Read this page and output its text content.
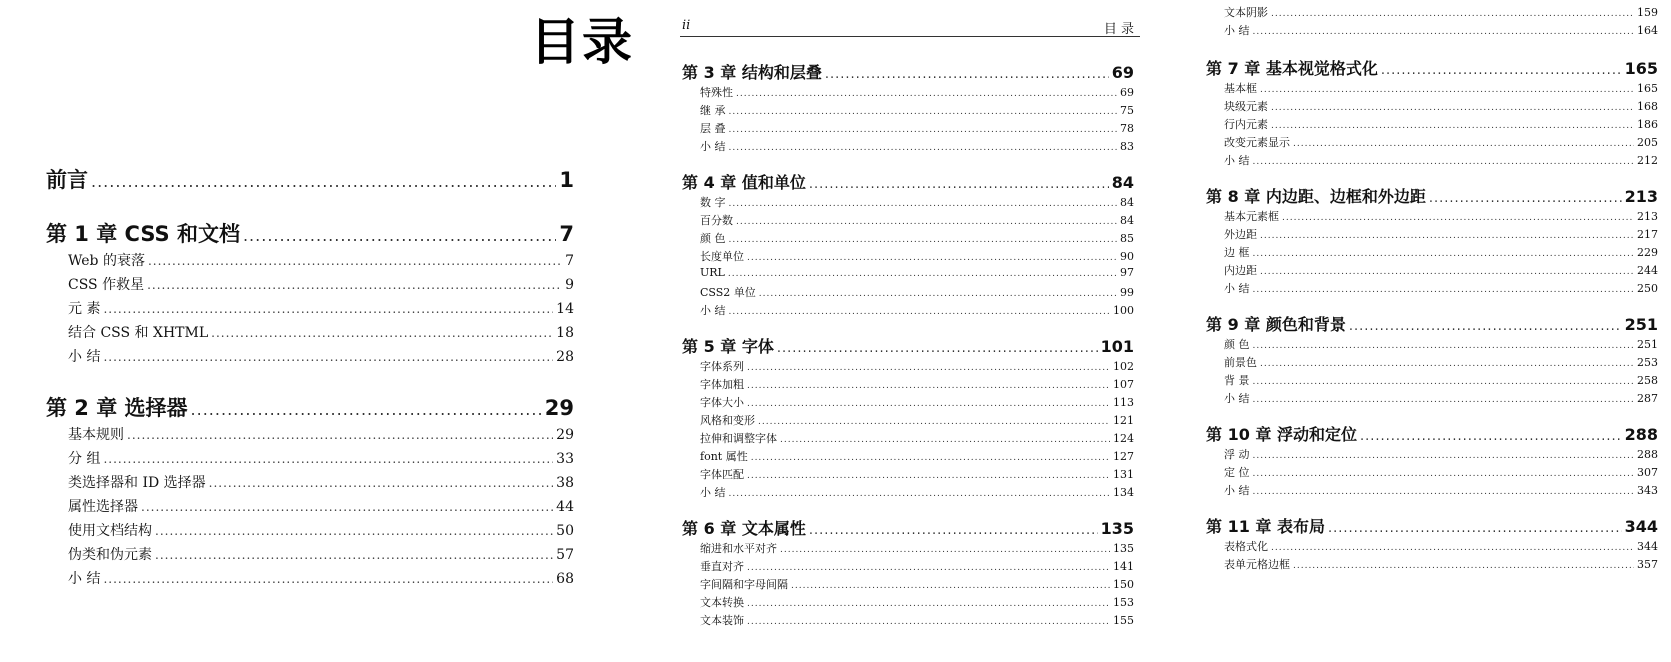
目录	ii	目 录
前言 .....	1
第 1 章 CSS 和文档 .....	7
Web 的衰落 .....	7
CSS 作救星 .....	9
元 素 .....	14
结合 CSS 和 XHTML .....	18
小 结 .....	28
第 2 章 选择器 .....	29
基本规则 .....	29
分 组 .....	33
类选择器和 ID 选择器 .....	38
属性选择器 .....	44
使用文档结构 .....	50
伪类和伪元素 .....	57
小 结 .....	68
第 3 章 结构和层叠 .....	69
特殊性 .....	69
继 承 .....	75
层 叠 .....	78
小 结 .....	83
第 4 章 值和单位 .....	84
数 字 .....	84
百分数 .....	84
颜 色 .....	85
长度单位 .....	90
URL .....	97
CSS2 单位 .....	99
小 结 .....	100
第 5 章 字体 .....	101
字体系列 .....	102
字体加粗 .....	107
字体大小 .....	113
风格和变形 .....	121
拉伸和调整字体 .....	124
font 属性 .....	127
字体匹配 .....	131
小 结 .....	134
第 6 章 文本属性 .....	135
缩进和水平对齐 .....	135
垂直对齐 .....	141
字间隔和字母间隔 .....	150
文本转换 .....	153
文本装饰 .....	155
文本阴影 .....	159
小 结 .....	164
第 7 章 基本视觉格式化 .....	165
基本框 .....	165
块级元素 .....	168
行内元素 .....	186
改变元素显示 .....	205
小 结 .....	212
第 8 章 内边距、边框和外边距 .....	213
基本元素框 .....	213
外边距 .....	217
边 框 .....	229
内边距 .....	244
小 结 .....	250
第 9 章 颜色和背景 .....	251
颜 色 .....	251
前景色 .....	253
背 景 .....	258
小 结 .....	287
第 10 章 浮动和定位 .....	288
浮 动 .....	288
定 位 .....	307
小 结 .....	343
第 11 章 表布局 .....	344
表格式化 .....	344
表单元格边框 .....	357
